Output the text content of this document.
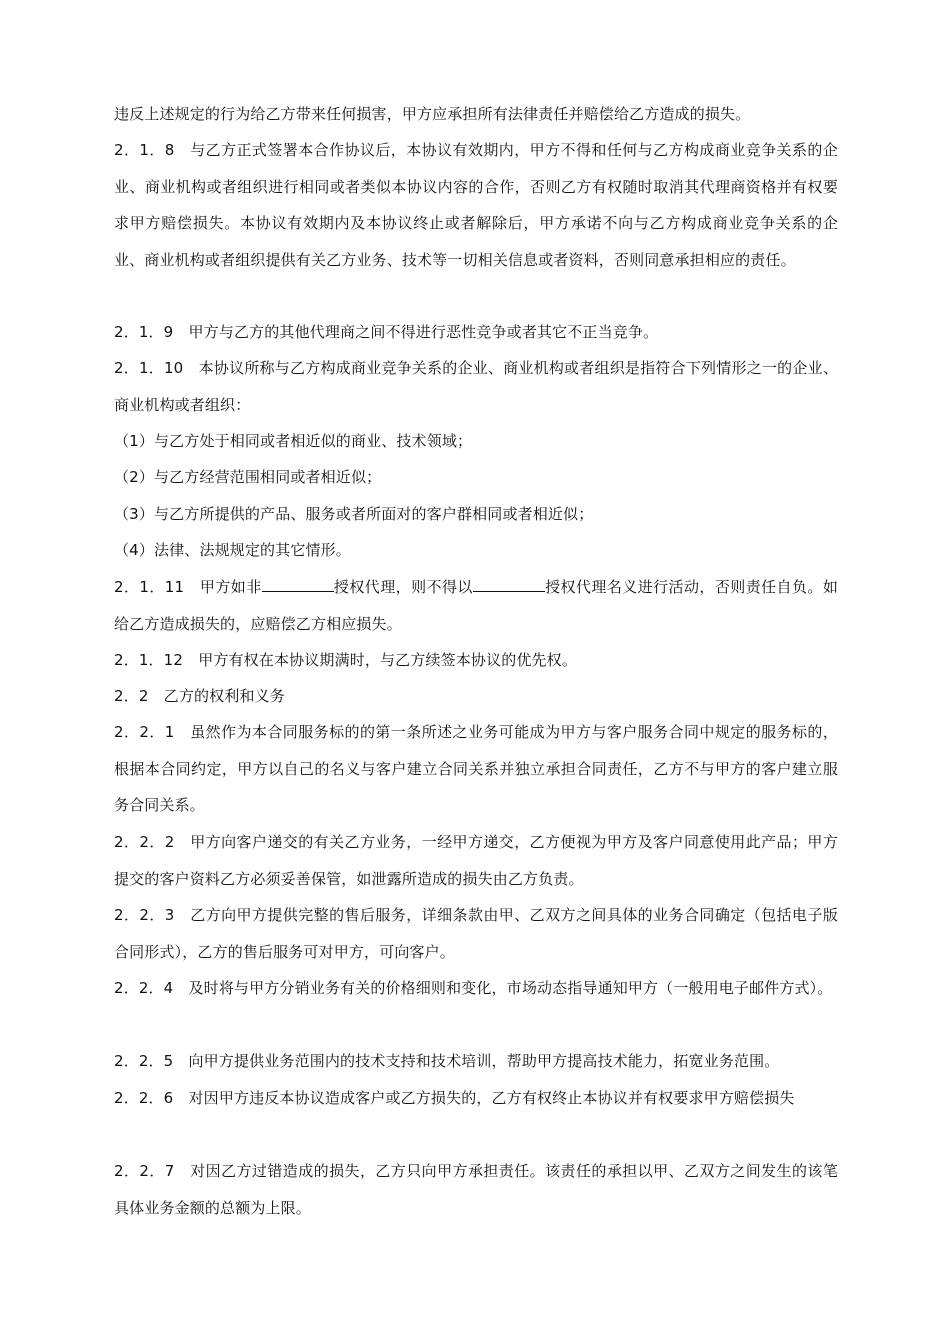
违反上述规定的行为给乙方带来任何损害，甲方应承担所有法律责任并赔偿给乙方造成的损失。
2．1．8　与乙方正式签署本合作协议后，本协议有效期内，甲方不得和任何与乙方构成商业竞争关系的企业、商业机构或者组织进行相同或者类似本协议内容的合作，否则乙方有权随时取消其代理商资格并有权要求甲方赔偿损失。本协议有效期内及本协议终止或者解除后，甲方承诺不向与乙方构成商业竞争关系的企业、商业机构或者组织提供有关乙方业务、技术等一切相关信息或者资料，否则同意承担相应的责任。
2．1．9　甲方与乙方的其他代理商之间不得进行恶性竞争或者其它不正当竞争。
2．1．10　本协议所称与乙方构成商业竞争关系的企业、商业机构或者组织是指符合下列情形之一的企业、商业机构或者组织：
（1）与乙方处于相同或者相近似的商业、技术领域；
（2）与乙方经营范围相同或者相近似；
（3）与乙方所提供的产品、服务或者所面对的客户群相同或者相近似；
（4）法律、法规规定的其它情形。
2．1．11　甲方如非	授权代理，则不得以	授权代理名义进行活动，否则责任自负。如给乙方造成损失的，应赔偿乙方相应损失。
2．1．12　甲方有权在本协议期满时，与乙方续签本协议的优先权。
2．2　乙方的权利和义务
2．2．1　虽然作为本合同服务标的的第一条所述之业务可能成为甲方与客户服务合同中规定的服务标的，根据本合同约定，甲方以自己的名义与客户建立合同关系并独立承担合同责任，乙方不与甲方的客户建立服务合同关系。
2．2．2　甲方向客户递交的有关乙方业务，一经甲方递交，乙方便视为甲方及客户同意使用此产品；甲方提交的客户资料乙方必须妥善保管，如泄露所造成的损失由乙方负责。
2．2．3　乙方向甲方提供完整的售后服务，详细条款由甲、乙双方之间具体的业务合同确定（包括电子版合同形式），乙方的售后服务可对甲方，可向客户。
2．2．4　及时将与甲方分销业务有关的价格细则和变化，市场动态指导通知甲方（一般用电子邮件方式）。
2．2．5　向甲方提供业务范围内的技术支持和技术培训，帮助甲方提高技术能力，拓宽业务范围。
2．2．6　对因甲方违反本协议造成客户或乙方损失的，乙方有权终止本协议并有权要求甲方赔偿损失
2．2．7　对因乙方过错造成的损失，乙方只向甲方承担责任。该责任的承担以甲、乙双方之间发生的该笔具体业务金额的总额为上限。
